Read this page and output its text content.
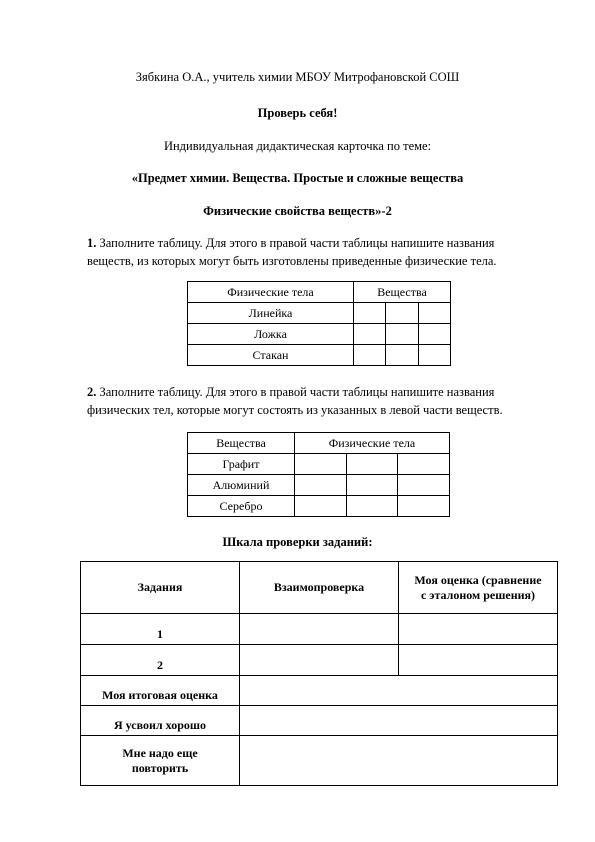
Зябкина О.А., учитель химии МБОУ Митрофановской СОШ
Проверь себя!
Индивидуальная дидактическая карточка по теме:
«Предмет химии. Вещества. Простые и сложные вещества
Физические свойства веществ»-2
1. Заполните таблицу. Для этого в правой части таблицы напишите названия
веществ, из которых могут быть изготовлены приведенные физические тела.
Физические тела	Вещества		
Линейка			
Ложка			
Стакан			
2. Заполните таблицу. Для этого в правой части таблицы напишите названия
физических тел, которые могут состоять из указанных в левой части веществ.
Вещества	Физические тела		
Графит			
Алюминий			
Серебро			
Шкала проверки заданий:
Задания	Взаимопроверка	Моя оценка (сравнение
с эталоном решения)
1		
2		
Моя итоговая оценка		
Я усвоил хорошо		
Мне надо еще
повторить		
